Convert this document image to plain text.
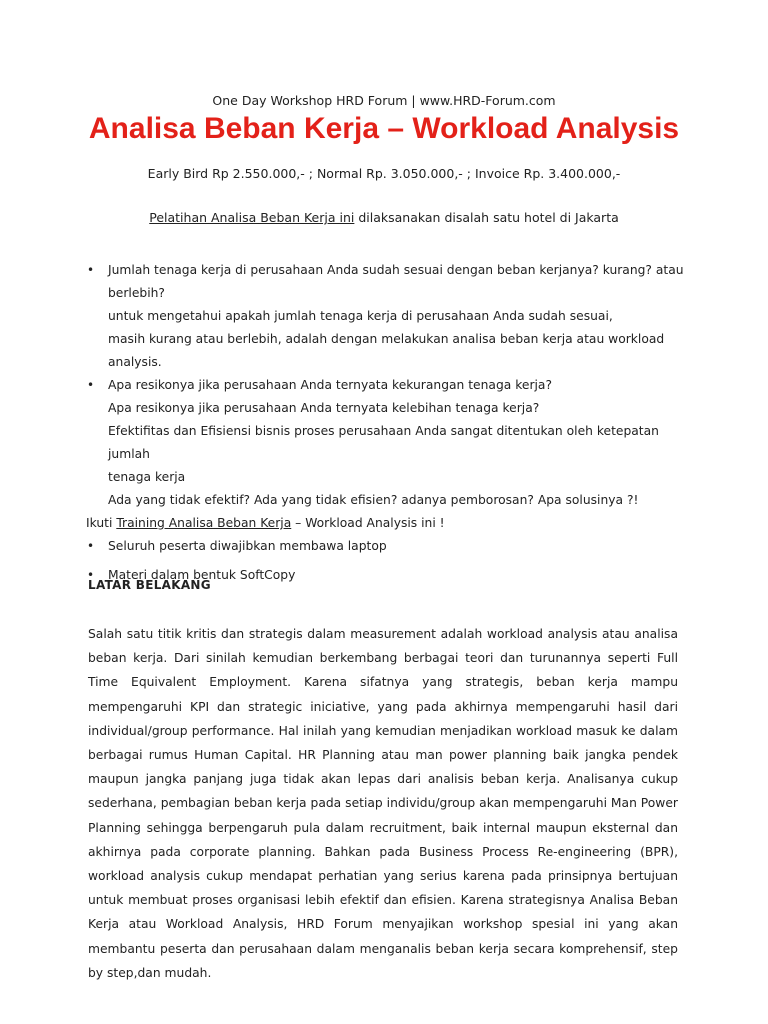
One Day Workshop HRD Forum | www.HRD-Forum.com
Analisa Beban Kerja – Workload Analysis
Early Bird Rp 2.550.000,- ; Normal Rp. 3.050.000,- ; Invoice Rp. 3.400.000,-
Pelatihan Analisa Beban Kerja ini dilaksanakan disalah satu hotel di Jakarta
• Jumlah tenaga kerja di perusahaan Anda sudah sesuai dengan beban kerjanya? kurang? atau
berlebih?
untuk mengetahui apakah jumlah tenaga kerja di perusahaan Anda sudah sesuai,
masih kurang atau berlebih, adalah dengan melakukan analisa beban kerja atau workload analysis.
• Apa resikonya jika perusahaan Anda ternyata kekurangan tenaga kerja?
Apa resikonya jika perusahaan Anda ternyata kelebihan tenaga kerja?
Efektifitas dan Efisiensi bisnis proses perusahaan Anda sangat ditentukan oleh ketepatan jumlah
tenaga kerja
Ada yang tidak efektif? Ada yang tidak efisien? adanya pemborosan? Apa solusinya ?!
Ikuti Training Analisa Beban Kerja – Workload Analysis ini !
• Seluruh peserta diwajibkan membawa laptop
• Materi dalam bentuk SoftCopy
LATAR BELAKANG

Salah satu titik kritis dan strategis dalam measurement adalah workload analysis atau analisa beban kerja. Dari sinilah kemudian berkembang berbagai teori dan turunannya seperti Full Time Equivalent Employment. Karena sifatnya yang strategis, beban kerja mampu mempengaruhi KPI dan strategic iniciative, yang pada akhirnya mempengaruhi hasil dari individual/group performance. Hal inilah yang kemudian menjadikan workload masuk ke dalam berbagai rumus Human Capital. HR Planning atau man power planning baik jangka pendek maupun jangka panjang juga tidak akan lepas dari analisis beban kerja. Analisanya cukup sederhana, pembagian beban kerja pada setiap individu/group akan mempengaruhi Man Power Planning sehingga berpengaruh pula dalam recruitment, baik internal maupun eksternal dan akhirnya pada corporate planning. Bahkan pada Business Process Re-engineering (BPR), workload analysis cukup mendapat perhatian yang serius karena pada prinsipnya bertujuan untuk membuat proses organisasi lebih efektif dan efisien. Karena strategisnya Analisa Beban Kerja atau Workload Analysis, HRD Forum menyajikan workshop spesial ini yang akan membantu peserta dan perusahaan dalam menganalis beban kerja secara komprehensif, step by step,dan mudah.
